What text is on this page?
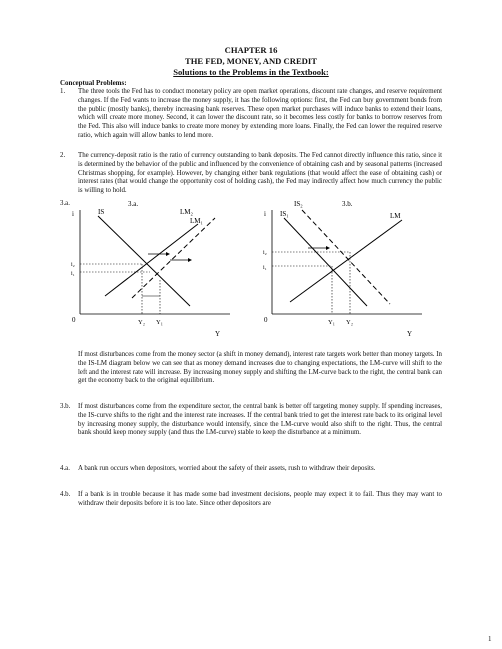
CHAPTER 16
THE FED, MONEY, AND CREDIT
Solutions to the Problems in the Textbook:
Conceptual Problems:
1.	The three tools the Fed has to conduct monetary policy are open market operations, discount rate changes, and reserve requirement changes. If the Fed wants to increase the money supply, it has the following options: first, the Fed can buy government bonds from the public (mostly banks), thereby increasing bank reserves. These open market purchases will induce banks to extend their loans, which will create more money. Second, it can lower the discount rate, so it becomes less costly for banks to borrow reserves from the Fed. This also will induce banks to create more money by extending more loans. Finally, the Fed can lower the required reserve ratio, which again will allow banks to lend more.
2.	The currency-deposit ratio is the ratio of currency outstanding to bank deposits. The Fed cannot directly influence this ratio, since it is determined by the behavior of the public and influenced by the convenience of obtaining cash and by seasonal patterns (increased Christmas shopping, for example). However, by changing either bank regulations (that would affect the ease of obtaining cash) or interest rates (that would change the opportunity cost of holding cash), the Fed may indirectly affect how much currency the public is willing to hold.
3.a.	3.a.
i
0
Y
IS
LM₁
LM₂
i₂
i₁
Y₂ Y₁
IS₂	3.b.
i
0
Y
IS₁	LM
i₂
i₁
Y₁ Y₂
If most disturbances come from the money sector (a shift in money demand), interest rate targets work better than money targets. In the IS-LM diagram below we can see that as money demand increases due to changing expectations, the LM-curve will shift to the left and the interest rate will increase. By increasing money supply and shifting the LM-curve back to the right, the central bank can get the economy back to the original equilibrium.
3.b.	If most disturbances come from the expenditure sector, the central bank is better off targeting money supply. If spending increases, the IS-curve shifts to the right and the interest rate increases. If the central bank tried to get the interest rate back to its original level by increasing money supply, the disturbance would intensify, since the LM-curve would also shift to the right. Thus, the central bank should keep money supply (and thus the LM-curve) stable to keep the disturbance at a minimum.
4.a.	A bank run occurs when depositors, worried about the safety of their assets, rush to withdraw their deposits.
4.b.	If a bank is in trouble because it has made some bad investment decisions, people may expect it to fail. Thus they may want to withdraw their deposits before it is too late. Since other depositors are
1
